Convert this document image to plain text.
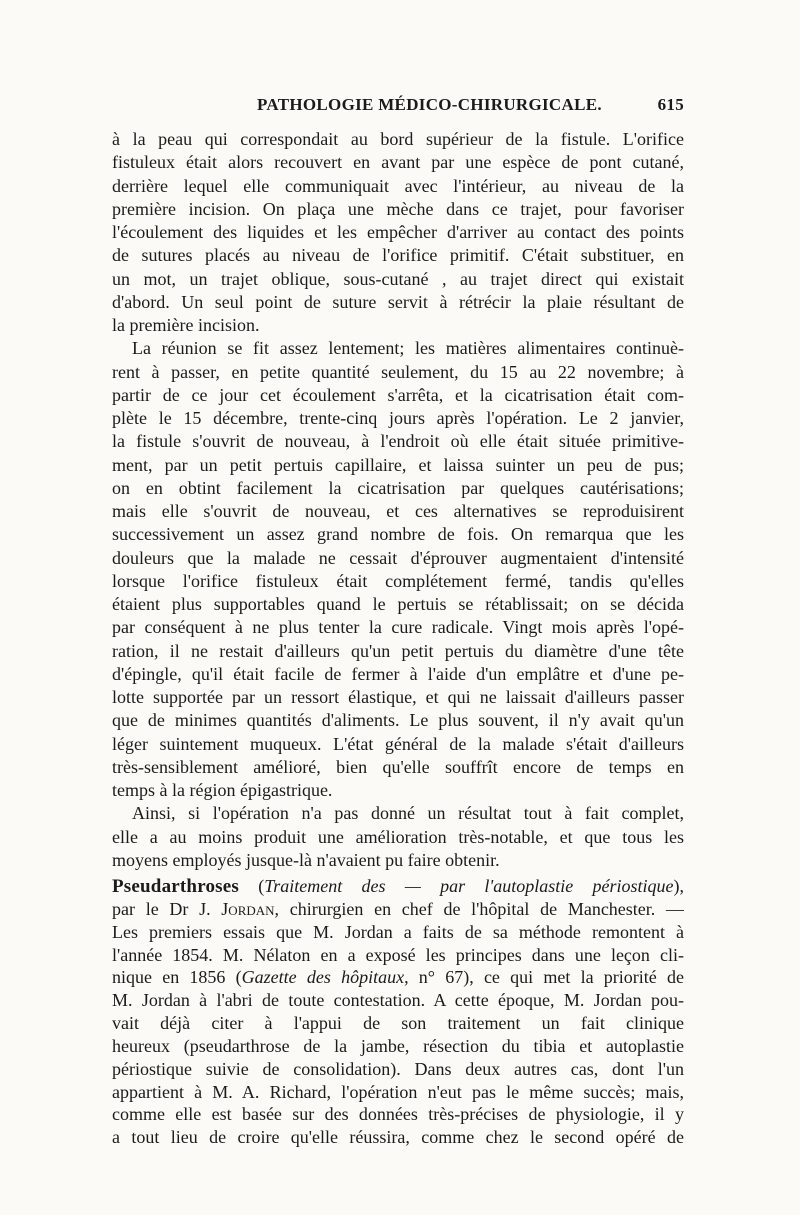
PATHOLOGIE MÉDICO-CHIRURGICALE.	615
à la peau qui correspondait au bord supérieur de la fistule. L'orifice
fistuleux était alors recouvert en avant par une espèce de pont cutané,
derrière lequel elle communiquait avec l'intérieur, au niveau de la
première incision. On plaça une mèche dans ce trajet, pour favoriser
l'écoulement des liquides et les empêcher d'arriver au contact des points
de sutures placés au niveau de l'orifice primitif. C'était substituer, en
un mot, un trajet oblique, sous-cutané , au trajet direct qui existait
d'abord. Un seul point de suture servit à rétrécir la plaie résultant de
la première incision.
La réunion se fit assez lentement; les matières alimentaires continuè-
rent à passer, en petite quantité seulement, du 15 au 22 novembre; à
partir de ce jour cet écoulement s'arrêta, et la cicatrisation était com-
plète le 15 décembre, trente-cinq jours après l'opération. Le 2 janvier,
la fistule s'ouvrit de nouveau, à l'endroit où elle était située primitive-
ment, par un petit pertuis capillaire, et laissa suinter un peu de pus;
on en obtint facilement la cicatrisation par quelques cautérisations;
mais elle s'ouvrit de nouveau, et ces alternatives se reproduisirent
successivement un assez grand nombre de fois. On remarqua que les
douleurs que la malade ne cessait d'éprouver augmentaient d'intensité
lorsque l'orifice fistuleux était complétement fermé, tandis qu'elles
étaient plus supportables quand le pertuis se rétablissait; on se décida
par conséquent à ne plus tenter la cure radicale. Vingt mois après l'opé-
ration, il ne restait d'ailleurs qu'un petit pertuis du diamètre d'une tête
d'épingle, qu'il était facile de fermer à l'aide d'un emplâtre et d'une pe-
lotte supportée par un ressort élastique, et qui ne laissait d'ailleurs passer
que de minimes quantités d'aliments. Le plus souvent, il n'y avait qu'un
léger suintement muqueux. L'état général de la malade s'était d'ailleurs
très-sensiblement amélioré, bien qu'elle souffrît encore de temps en
temps à la région épigastrique.
Ainsi, si l'opération n'a pas donné un résultat tout à fait complet,
elle a au moins produit une amélioration très-notable, et que tous les
moyens employés jusque-là n'avaient pu faire obtenir.
Pseudarthroses (Traitement des — par l'autoplastie périostique),
par le Dr J. Jordan, chirurgien en chef de l'hôpital de Manchester. —
Les premiers essais que M. Jordan a faits de sa méthode remontent à
l'année 1854. M. Nélaton en a exposé les principes dans une leçon cli-
nique en 1856 (Gazette des hôpitaux, n° 67), ce qui met la priorité de
M. Jordan à l'abri de toute contestation. A cette époque, M. Jordan pou-
vait déjà citer à l'appui de son traitement un fait clinique
heureux (pseudarthrose de la jambe, résection du tibia et autoplastie
périostique suivie de consolidation). Dans deux autres cas, dont l'un
appartient à M. A. Richard, l'opération n'eut pas le même succès; mais,
comme elle est basée sur des données très-précises de physiologie, il y
a tout lieu de croire qu'elle réussira, comme chez le second opéré de
